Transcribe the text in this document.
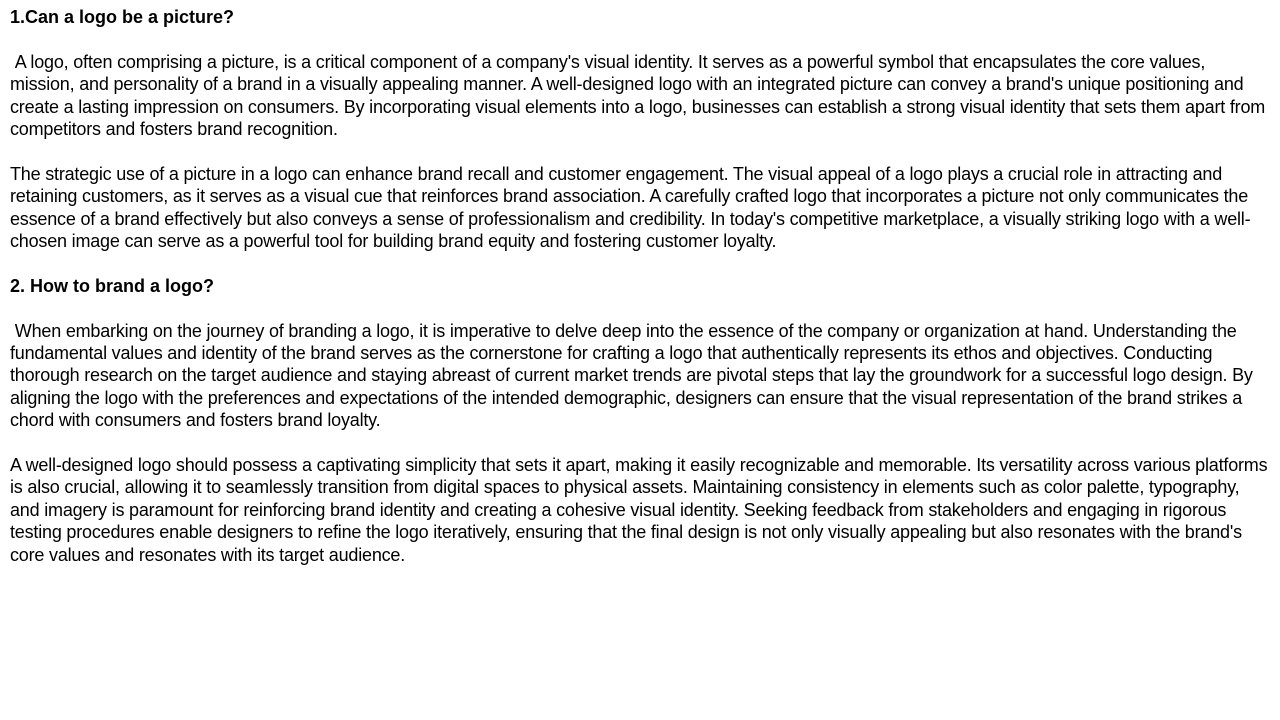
1.Can a logo be a picture?

A logo, often comprising a picture, is a critical component of a company's visual identity. It serves as a powerful symbol that encapsulates the core values, mission, and personality of a brand in a visually appealing manner. A well-designed logo with an integrated picture can convey a brand's unique positioning and create a lasting impression on consumers. By incorporating visual elements into a logo, businesses can establish a strong visual identity that sets them apart from competitors and fosters brand recognition.

The strategic use of a picture in a logo can enhance brand recall and customer engagement. The visual appeal of a logo plays a crucial role in attracting and retaining customers, as it serves as a visual cue that reinforces brand association. A carefully crafted logo that incorporates a picture not only communicates the essence of a brand effectively but also conveys a sense of professionalism and credibility. In today's competitive marketplace, a visually striking logo with a well-chosen image can serve as a powerful tool for building brand equity and fostering customer loyalty.

2. How to brand a logo?

When embarking on the journey of branding a logo, it is imperative to delve deep into the essence of the company or organization at hand. Understanding the fundamental values and identity of the brand serves as the cornerstone for crafting a logo that authentically represents its ethos and objectives. Conducting thorough research on the target audience and staying abreast of current market trends are pivotal steps that lay the groundwork for a successful logo design. By aligning the logo with the preferences and expectations of the intended demographic, designers can ensure that the visual representation of the brand strikes a chord with consumers and fosters brand loyalty.

A well-designed logo should possess a captivating simplicity that sets it apart, making it easily recognizable and memorable. Its versatility across various platforms is also crucial, allowing it to seamlessly transition from digital spaces to physical assets. Maintaining consistency in elements such as color palette, typography, and imagery is paramount for reinforcing brand identity and creating a cohesive visual identity. Seeking feedback from stakeholders and engaging in rigorous testing procedures enable designers to refine the logo iteratively, ensuring that the final design is not only visually appealing but also resonates with the brand's core values and resonates with its target audience.
